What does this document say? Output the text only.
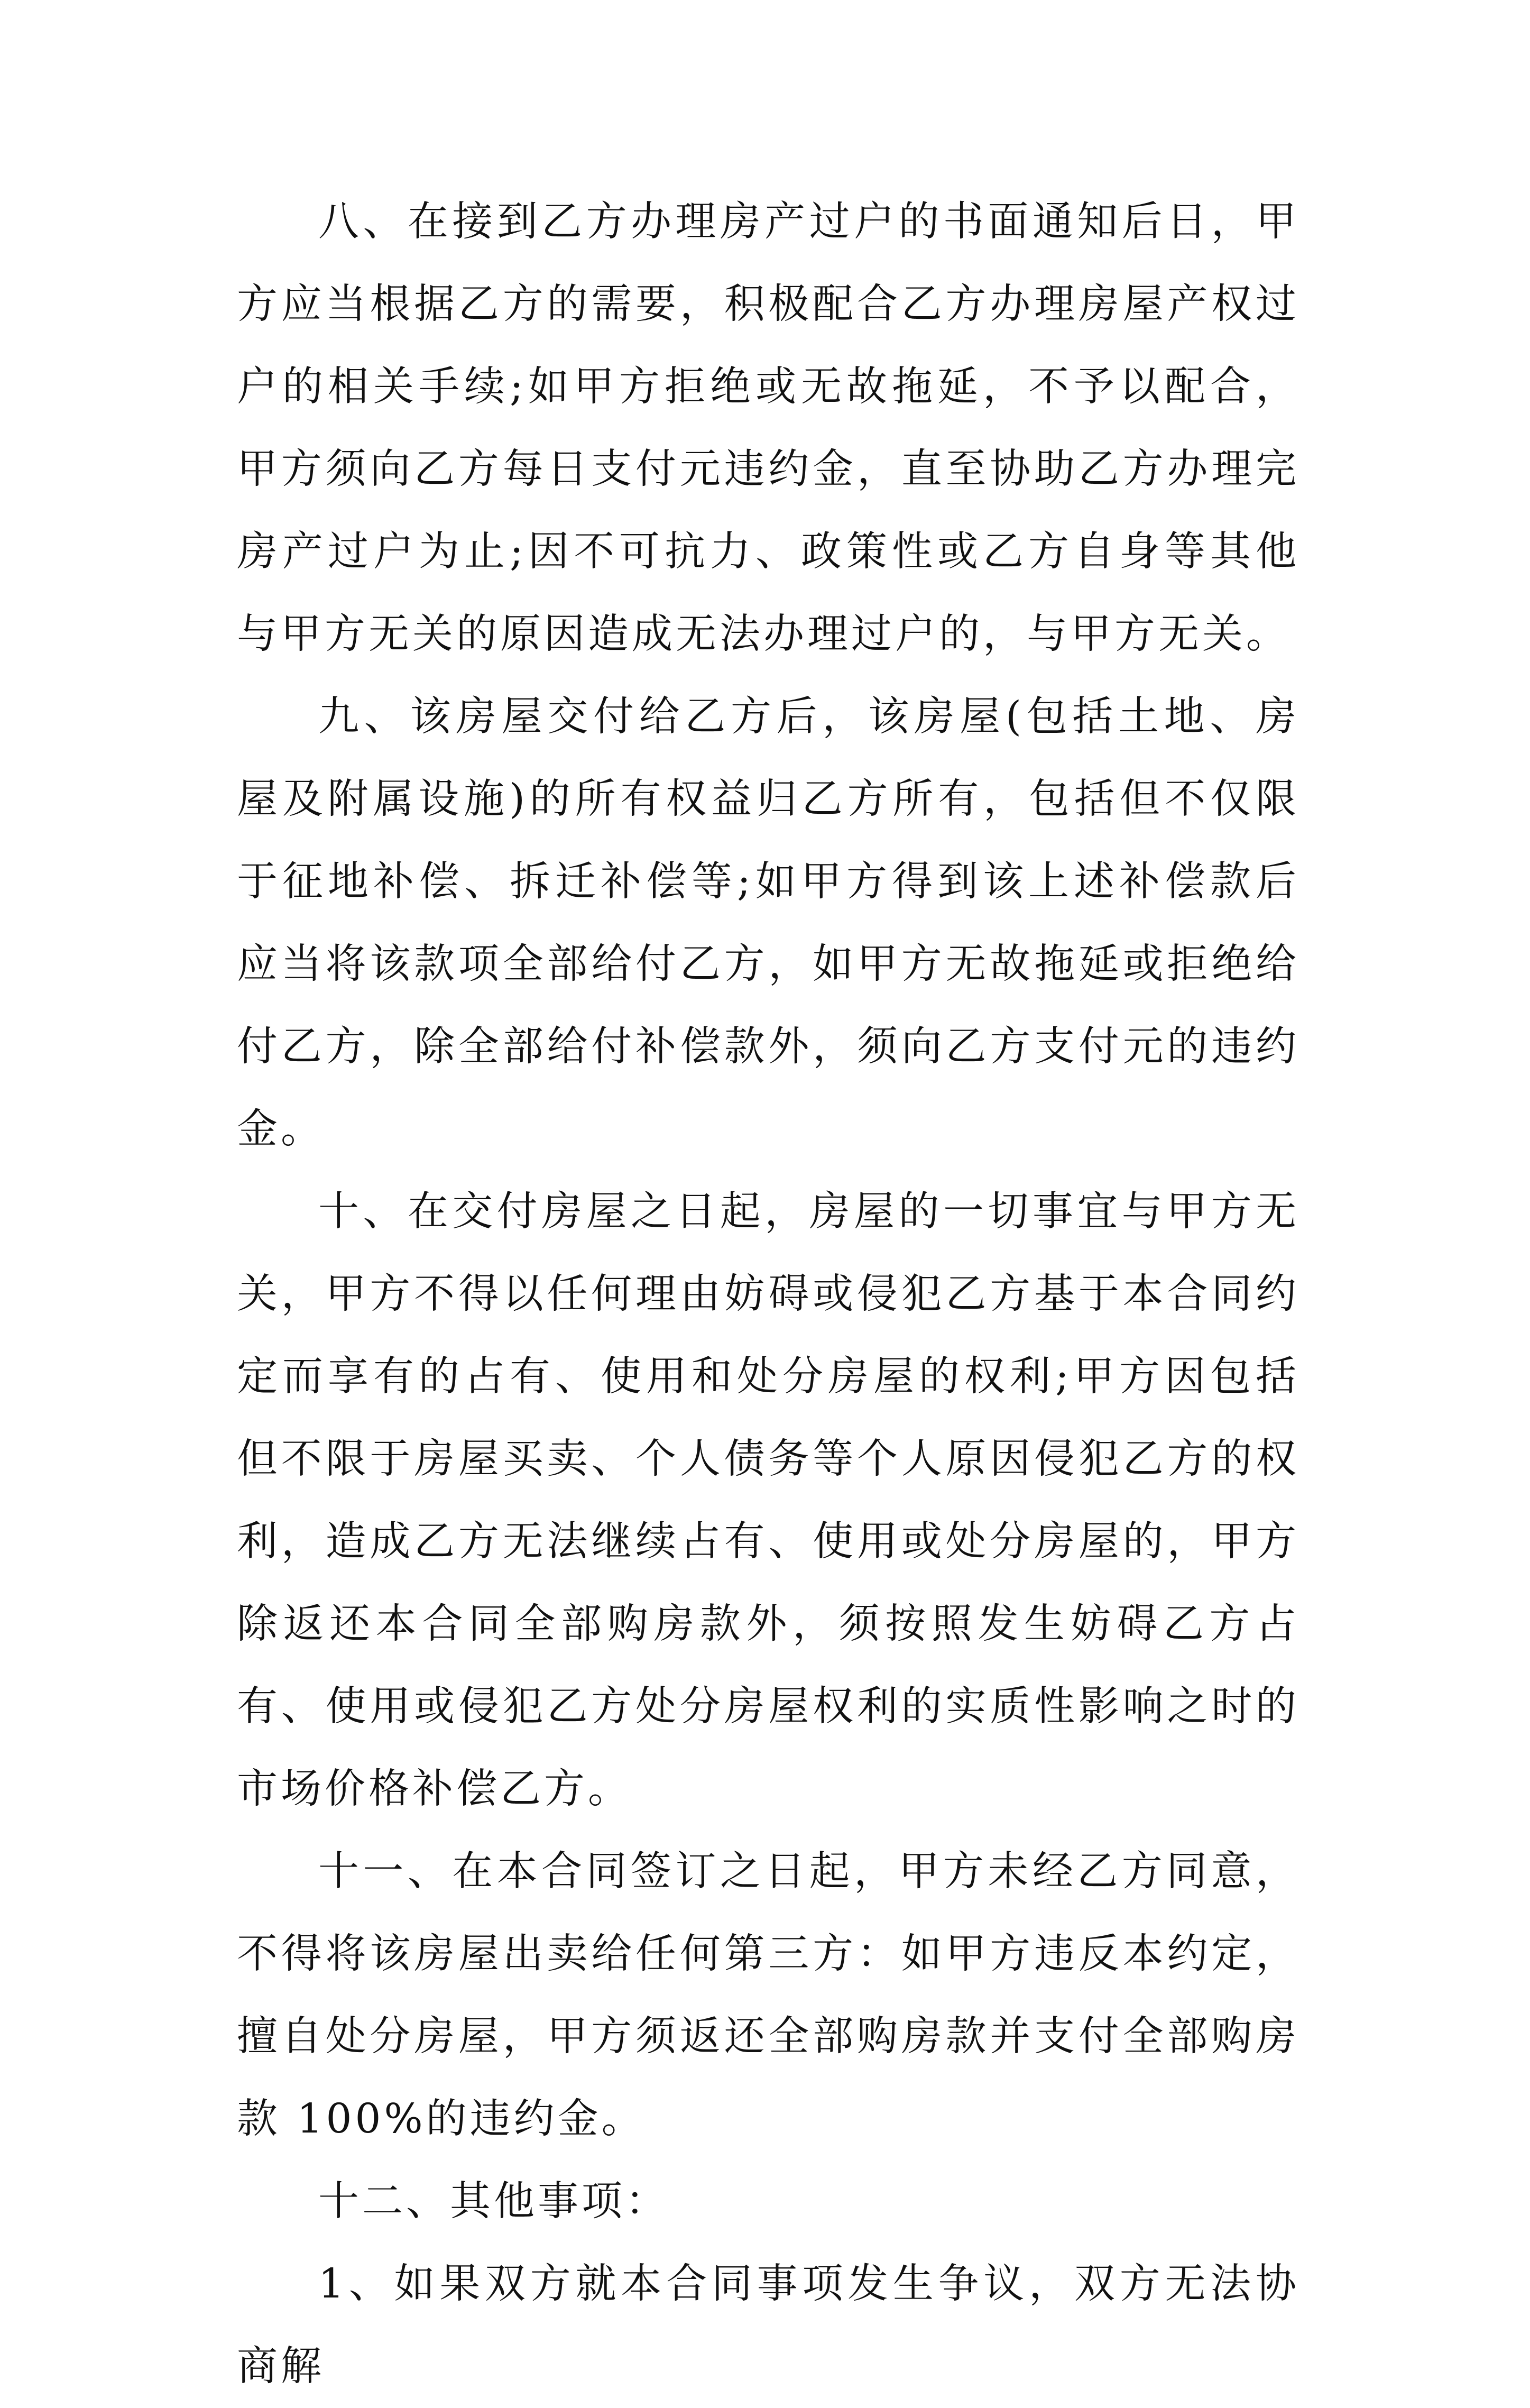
八、在接到乙方办理房产过户的书面通知后日，甲方应当根据乙方的需要，积极配合乙方办理房屋产权过户的相关手续;如甲方拒绝或无故拖延，不予以配合，甲方须向乙方每日支付元违约金，直至协助乙方办理完房产过户为止;因不可抗力、政策性或乙方自身等其他与甲方无关的原因造成无法办理过户的，与甲方无关。

九、该房屋交付给乙方后，该房屋(包括土地、房屋及附属设施)的所有权益归乙方所有，包括但不仅限于征地补偿、拆迁补偿等;如甲方得到该上述补偿款后应当将该款项全部给付乙方，如甲方无故拖延或拒绝给付乙方，除全部给付补偿款外，须向乙方支付元的违约金。

十、在交付房屋之日起，房屋的一切事宜与甲方无关，甲方不得以任何理由妨碍或侵犯乙方基于本合同约定而享有的占有、使用和处分房屋的权利;甲方因包括但不限于房屋买卖、个人债务等个人原因侵犯乙方的权利，造成乙方无法继续占有、使用或处分房屋的，甲方除返还本合同全部购房款外，须按照发生妨碍乙方占有、使用或侵犯乙方处分房屋权利的实质性影响之时的市场价格补偿乙方。

十一、在本合同签订之日起，甲方未经乙方同意，不得将该房屋出卖给任何第三方：如甲方违反本约定，擅自处分房屋，甲方须返还全部购房款并支付全部购房款 100%的违约金。

十二、其他事项：

1、如果双方就本合同事项发生争议，双方无法协商解
